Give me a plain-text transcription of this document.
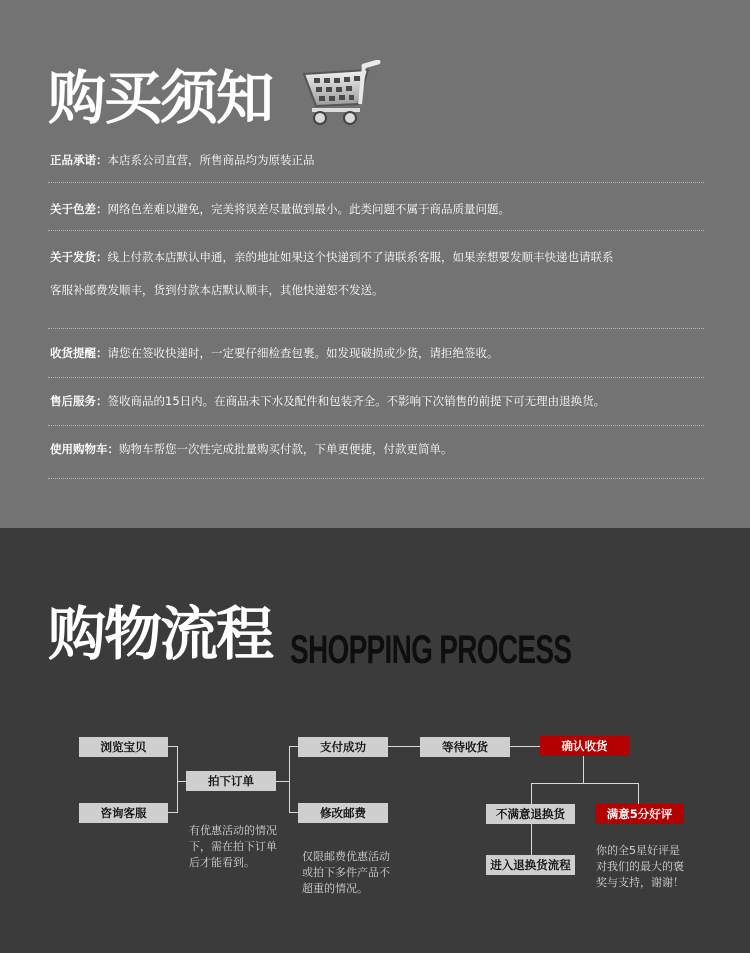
购买须知
正品承诺：本店系公司直营，所售商品均为原装正品
关于色差：网络色差难以避免，完美将误差尽量做到最小。此类问题不属于商品质量问题。
关于发货：线上付款本店默认申通，亲的地址如果这个快递到不了请联系客服，如果亲想要发顺丰快递也请联系
客服补邮费发顺丰，货到付款本店默认顺丰，其他快递恕不发送。
收货提醒：请您在签收快递时，一定要仔细检查包裹。如发现破损或少货，请拒绝签收。
售后服务：签收商品的15日内。在商品未下水及配件和包装齐全。不影响下次销售的前提下可无理由退换货。
使用购物车：购物车帮您一次性完成批量购买付款，下单更便捷，付款更简单。
购物流程 SHOPPING PROCESS
浏览宝贝
咨询客服
拍下订单
支付成功
修改邮费
等待收货	确认收货
不满意退换货	满意5分好评
进入退换货流程
有优惠活动的情况
下，需在拍下订单
后才能看到。	仅限邮费优惠活动
或拍下多件产品不
超重的情况。
你的全5星好评是
对我们的最大的褒
奖与支持，谢谢！
